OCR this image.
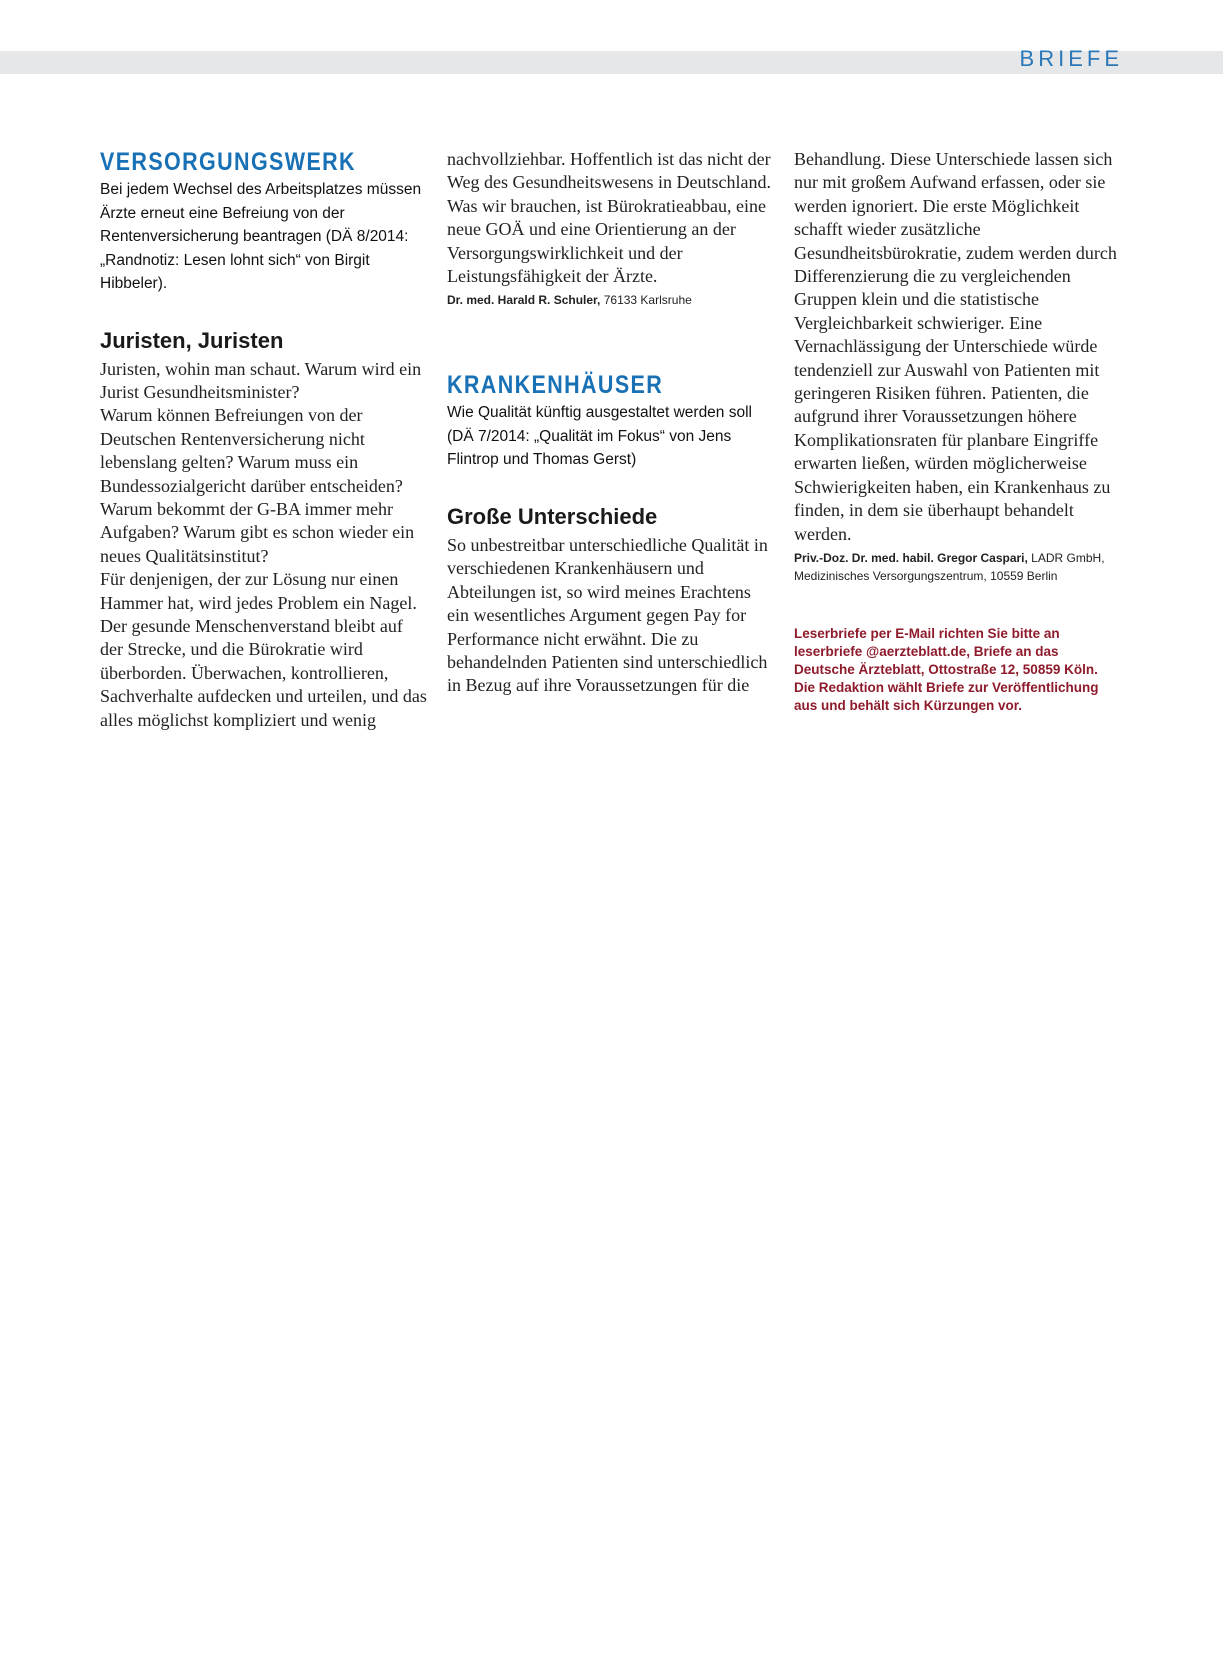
BRIEFE
VERSORGUNGSWERK
Bei jedem Wechsel des Arbeitsplatzes müssen Ärzte erneut eine Befreiung von der Rentenversicherung beantragen (DÄ 8/2014: „Randnotiz: Lesen lohnt sich“ von Birgit Hibbeler).
Juristen, Juristen

Juristen, wohin man schaut. Warum wird ein Jurist Gesundheitsminister?

Warum können Befreiungen von der Deutschen Rentenversicherung nicht lebenslang gelten? Warum muss ein Bundessozialgericht darüber entscheiden? Warum bekommt der G-BA immer mehr Aufgaben? Warum gibt es schon wieder ein neues Qualitätsinstitut?

Für denjenigen, der zur Lösung nur einen Hammer hat, wird jedes Problem ein Nagel. Der gesunde Menschenverstand bleibt auf der Strecke, und die Bürokratie wird überborden. Überwachen, kontrollieren, Sachverhalte aufdecken und urteilen, und das alles möglichst kompliziert und wenig

nachvollziehbar. Hoffentlich ist das nicht der Weg des Gesundheitswesens in Deutschland. Was wir brauchen, ist Bürokratieabbau, eine neue GOÄ und eine Orientierung an der Versorgungswirklichkeit und der Leistungsfähigkeit der Ärzte.

Dr. med. Harald R. Schuler, 76133 Karlsruhe
KRANKENHÄUSER
Wie Qualität künftig ausgestaltet werden soll (DÄ 7/2014: „Qualität im Fokus“ von Jens Flintrop und Thomas Gerst)
Große Unterschiede

So unbestreitbar unterschiedliche Qualität in verschiedenen Krankenhäusern und Abteilungen ist, so wird meines Erachtens ein wesentliches Argument gegen Pay for Performance nicht erwähnt. Die zu behandelnden Patienten sind unterschiedlich in Bezug auf ihre Voraussetzungen für die

Behandlung. Diese Unterschiede lassen sich nur mit großem Aufwand erfassen, oder sie werden ignoriert. Die erste Möglichkeit schafft wieder zusätzliche Gesundheitsbürokratie, zudem werden durch Differenzierung die zu vergleichenden Gruppen klein und die statistische Vergleichbarkeit schwieriger. Eine Vernachlässigung der Unterschiede würde tendenziell zur Auswahl von Patienten mit geringeren Risiken führen. Patienten, die aufgrund ihrer Voraussetzungen höhere Komplikationsraten für planbare Eingriffe erwarten ließen, würden möglicherweise Schwierigkeiten haben, ein Krankenhaus zu finden, in dem sie überhaupt behandelt werden.

Priv.-Doz. Dr. med. habil. Gregor Caspari, LADR GmbH, Medizinisches Versorgungszentrum, 10559 Berlin
Leserbriefe per E-Mail richten Sie bitte an leserbriefe @aerzteblatt.de, Briefe an das Deutsche Ärzteblatt, Ottostraße 12, 50859 Köln. Die Redaktion wählt Briefe zur Veröffentlichung aus und behält sich Kürzungen vor.
